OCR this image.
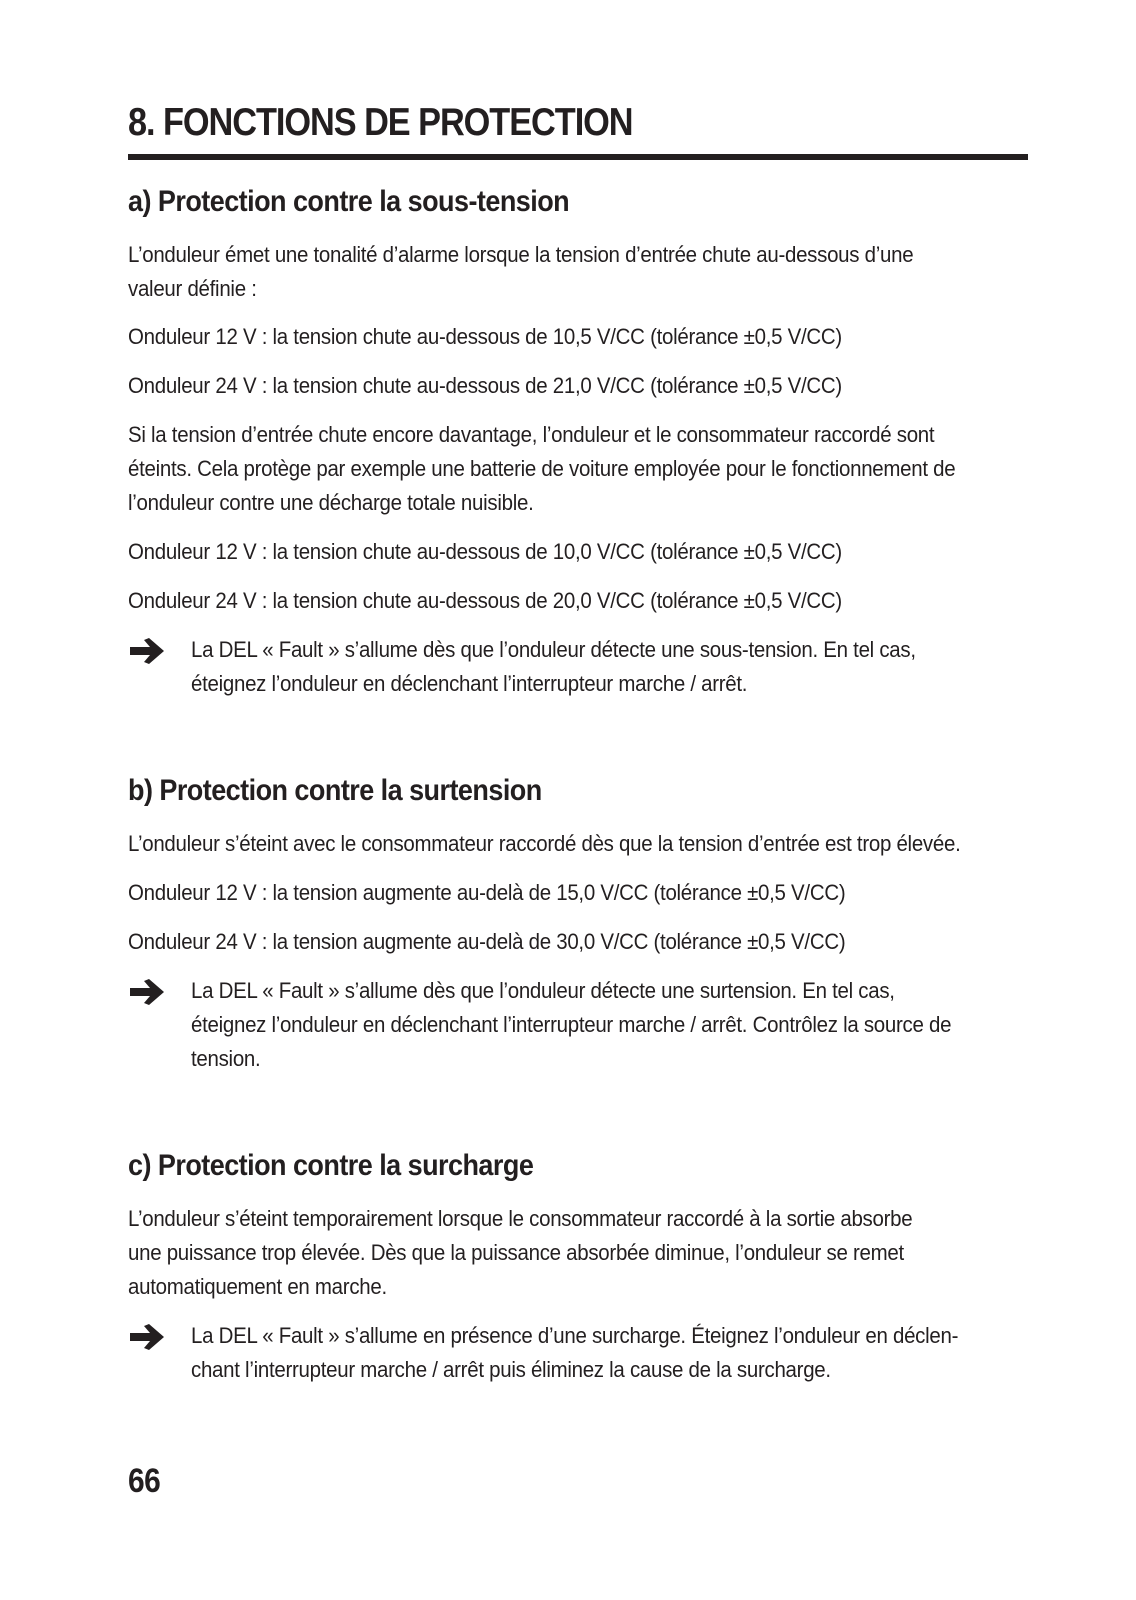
8. FONCTIONS DE PROTECTION
a) Protection contre la sous-tension

L’onduleur émet une tonalité d’alarme lorsque la tension d’entrée chute au-dessous d’une
valeur définie :

Onduleur 12 V : la tension chute au-dessous de 10,5 V/CC (tolérance ±0,5 V/CC)

Onduleur 24 V : la tension chute au-dessous de 21,0 V/CC (tolérance ±0,5 V/CC)

Si la tension d’entrée chute encore davantage, l’onduleur et le consommateur raccordé sont
éteints. Cela protège par exemple une batterie de voiture employée pour le fonctionnement de
l’onduleur contre une décharge totale nuisible.

Onduleur 12 V : la tension chute au-dessous de 10,0 V/CC (tolérance ±0,5 V/CC)

Onduleur 24 V : la tension chute au-dessous de 20,0 V/CC (tolérance ±0,5 V/CC)

La DEL « Fault » s’allume dès que l’onduleur détecte une sous-tension. En tel cas,
éteignez l’onduleur en déclenchant l’interrupteur marche / arrêt.

b) Protection contre la surtension

L’onduleur s’éteint avec le consommateur raccordé dès que la tension d’entrée est trop élevée.

Onduleur 12 V : la tension augmente au-delà de 15,0 V/CC (tolérance ±0,5 V/CC)

Onduleur 24 V : la tension augmente au-delà de 30,0 V/CC (tolérance ±0,5 V/CC)

La DEL « Fault » s’allume dès que l’onduleur détecte une surtension. En tel cas,
éteignez l’onduleur en déclenchant l’interrupteur marche / arrêt. Contrôlez la source de
tension.

c) Protection contre la surcharge

L’onduleur s’éteint temporairement lorsque le consommateur raccordé à la sortie absorbe
une puissance trop élevée. Dès que la puissance absorbée diminue, l’onduleur se remet
automatiquement en marche.

La DEL « Fault » s’allume en présence d’une surcharge. Éteignez l’onduleur en déclen-
chant l’interrupteur marche / arrêt puis éliminez la cause de la surcharge.

66
